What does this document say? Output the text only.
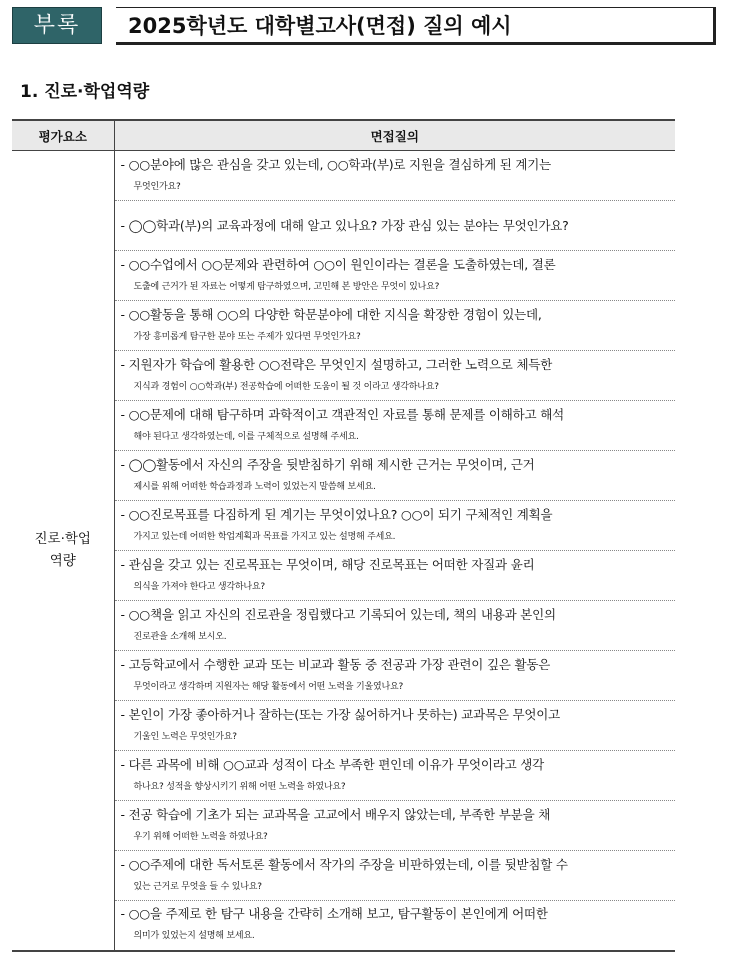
부록	2025학년도 대학별고사(면접) 질의 예시
1. 진로·학업역량
평가요소	면접질의
진로·학업
역량	- ○○분야에 많은 관심을 갖고 있는데, ○○학과(부)로 지원을 결심하게 된 계기는
무엇인가요?

	- ◯◯학과(부)의 교육과정에 대해 알고 있나요? 가장 관심 있는 분야는 무엇인가요?

	- ○○수업에서 ○○문제와 관련하여 ○○이 원인이라는 결론을 도출하였는데, 결론
도출에 근거가 된 자료는 어떻게 탐구하였으며, 고민해 본 방안은 무엇이 있나요?

	- ○○활동을 통해 ○○의 다양한 학문분야에 대한 지식을 확장한 경험이 있는데,
가장 흥미롭게 탐구한 분야 또는 주제가 있다면 무엇인가요?

	- 지원자가 학습에 활용한 ○○전략은 무엇인지 설명하고, 그러한 노력으로 체득한
지식과 경험이 ○○학과(부) 전공학습에 어떠한 도움이 될 것 이라고 생각하나요?

	- ○○문제에 대해 탐구하며 과학적이고 객관적인 자료를 통해 문제를 이해하고 해석
해야 된다고 생각하였는데, 이를 구체적으로 설명해 주세요.

	- ◯◯활동에서 자신의 주장을 뒷받침하기 위해 제시한 근거는 무엇이며, 근거
제시를 위해 어떠한 학습과정과 노력이 있었는지 말씀해 보세요.

	- ○○진로목표를 다짐하게 된 계기는 무엇이었나요? ○○이 되기 구체적인 계획을
가지고 있는데 어떠한 학업계획과 목표를 가지고 있는 설명해 주세요.

	- 관심을 갖고 있는 진로목표는 무엇이며, 해당 진로목표는 어떠한 자질과 윤리
의식을 가져야 한다고 생각하나요?

	- ○○책을 읽고 자신의 진로관을 정립했다고 기록되어 있는데, 책의 내용과 본인의
진로관을 소개해 보시오.

	- 고등학교에서 수행한 교과 또는 비교과 활동 중 전공과 가장 관련이 깊은 활동은
무엇이라고 생각하며 지원자는 해당 활동에서 어떤 노력을 기울였나요?

	- 본인이 가장 좋아하거나 잘하는(또는 가장 싫어하거나 못하는) 교과목은 무엇이고
기울인 노력은 무엇인가요?

	- 다른 과목에 비해 ○○교과 성적이 다소 부족한 편인데 이유가 무엇이라고 생각
하나요? 성적을 향상시키기 위해 어떤 노력을 하였나요?

	- 전공 학습에 기초가 되는 교과목을 고교에서 배우지 않았는데, 부족한 부분을 채
우기 위해 어떠한 노력을 하였나요?

	- ○○주제에 대한 독서토론 활동에서 작가의 주장을 비판하였는데, 이를 뒷받침할 수
있는 근거로 무엇을 들 수 있나요?

	- ○○을 주제로 한 탐구 내용을 간략히 소개해 보고, 탐구활동이 본인에게 어떠한
의미가 있었는지 설명해 보세요.
